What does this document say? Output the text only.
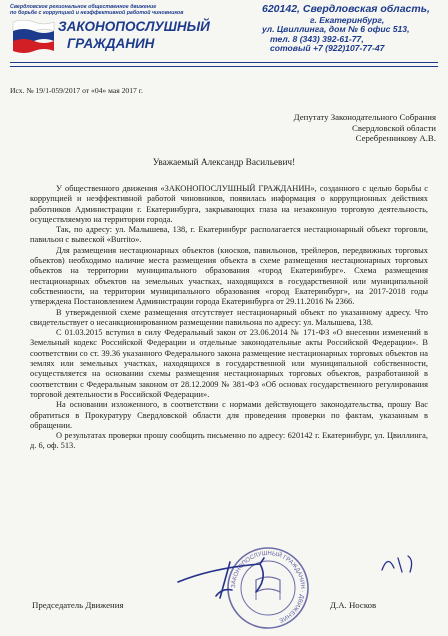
Свердловское региональное общественное движение
по борьбе с коррупцией и неэффективной работой чиновников
ЗАКОНОПОСЛУШНЫЙ
ГРАЖДАНИН
620142, Свердловская область,
г. Екатеринбург,
ул. Цвиллинга, дом № 6 офис 513,
тел. 8 (343) 392-61-77,
сотовый +7 (922)107-77-47
Исх. № 19/1-059/2017 от «04» мая 2017 г.
Депутату Законодательного Собрания
Свердловской области
Серебренникову А.В.
Уважаемый Александр Васильевич!

У общественного движения «ЗАКОНОПОСЛУШНЫЙ ГРАЖДАНИН», созданного с целью борьбы с коррупцией и неэффективной работой чиновников, появилась информация о коррупционных действиях работников Администрации г. Екатеринбурга, закрывающих глаза на незаконную торговую деятельность, осуществляемую на территории города.

Так, по адресу: ул. Малышева, 138, г. Екатеринбург располагается нестационарный объект торговли, павильон с вывеской «Burrito».

Для размещения нестационарных объектов (киосков, павильонов, трейлеров, передвижных торговых объектов) необходимо наличие места размещения объекта в схеме размещения нестационарных торговых объектов на территории муниципального образования «город Екатеринбург». Схема размещения нестационарных объектов на земельных участках, находящихся в государственной или муниципальной собственности, на территории муниципального образования «город Екатеринбург», на 2017-2018 годы утверждена Постановлением Администрации города Екатеринбурга от 29.11.2016 № 2366.

В утвержденной схеме размещения отсутствует нестационарный объект по указанному адресу. Что свидетельствует о несанкционированном размещении павильона по адресу: ул. Малышева, 138.

С 01.03.2015 вступил в силу Федеральный закон от 23.06.2014 № 171-ФЗ «О внесении изменений в Земельный кодекс Российской Федерации и отдельные законодательные акты Российской Федерации». В соответствии со ст. 39.36 указанного Федерального закона размещение нестационарных торговых объектов на землях или земельных участках, находящихся в государственной или муниципальной собственности, осуществляется на основании схемы размещения нестационарных торговых объектов, разработанной в соответствии с Федеральным законом от 28.12.2009 № 381-ФЗ «Об основах государственного регулирования торговой деятельности в Российской Федерации».

На основании изложенного, в соответствии с нормами действующего законодательства, прошу Вас обратиться в Прокуратуру Свердловской области для проведения проверки по фактам, указанным в обращении.

О результатах проверки прошу сообщить письменно по адресу: 620142 г. Екатеринбург, ул. Цвиллинга, д. 6, оф. 513.

ЗАКОНОПОСЛУШНЫЙ ГРАЖДАНИН · ДВИЖЕНИЕ
Председатель Движения	Д.А. Носков
